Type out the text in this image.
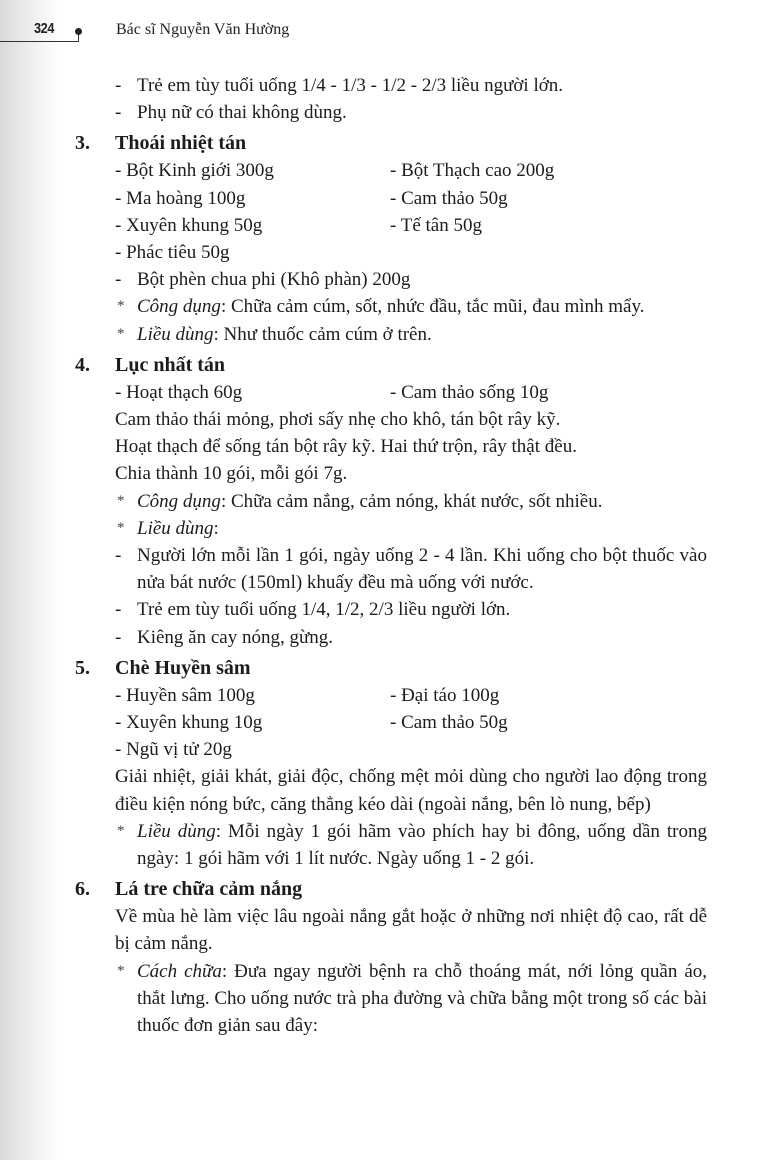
324	Bác sĩ Nguyễn Văn Hường
- Trẻ em tùy tuổi uống 1/4 - 1/3 - 1/2 - 2/3 liều người lớn.
- Phụ nữ có thai không dùng.
3. Thoái nhiệt tán
- Bột Kinh giới 300g	- Bột Thạch cao 200g
- Ma hoàng 100g	- Cam thảo 50g
- Xuyên khung 50g	- Tế tân 50g
- Phác tiêu 50g
- Bột phèn chua phi (Khô phàn) 200g
* Công dụng: Chữa cảm cúm, sốt, nhức đầu, tắc mũi, đau mình mẩy.
* Liều dùng: Như thuốc cảm cúm ở trên.
4. Lục nhất tán
- Hoạt thạch 60g	- Cam thảo sống 10g
Cam thảo thái mỏng, phơi sấy nhẹ cho khô, tán bột rây kỹ.
Hoạt thạch để sống tán bột rây kỹ. Hai thứ trộn, rây thật đều.
Chia thành 10 gói, mỗi gói 7g.
* Công dụng: Chữa cảm nắng, cảm nóng, khát nước, sốt nhiều.
* Liều dùng:
- Người lớn mỗi lần 1 gói, ngày uống 2 - 4 lần. Khi uống cho bột thuốc vào nửa bát nước (150ml) khuấy đều mà uống với nước.
- Trẻ em tùy tuổi uống 1/4, 1/2, 2/3 liều người lớn.
- Kiêng ăn cay nóng, gừng.
5. Chè Huyền sâm
- Huyền sâm 100g	- Đại táo 100g
- Xuyên khung 10g	- Cam thảo 50g
- Ngũ vị tử 20g
Giải nhiệt, giải khát, giải độc, chống mệt mỏi dùng cho người lao động trong điều kiện nóng bức, căng thẳng kéo dài (ngoài nắng, bên lò nung, bếp)
* Liều dùng: Mỗi ngày 1 gói hãm vào phích hay bi đông, uống dần trong ngày: 1 gói hãm với 1 lít nước. Ngày uống 1 - 2 gói.
6. Lá tre chữa cảm nắng
Về mùa hè làm việc lâu ngoài nắng gắt hoặc ở những nơi nhiệt độ cao, rất dễ bị cảm nắng.
* Cách chữa: Đưa ngay người bệnh ra chỗ thoáng mát, nới lỏng quần áo, thắt lưng. Cho uống nước trà pha đường và chữa bằng một trong số các bài thuốc đơn giản sau đây:
